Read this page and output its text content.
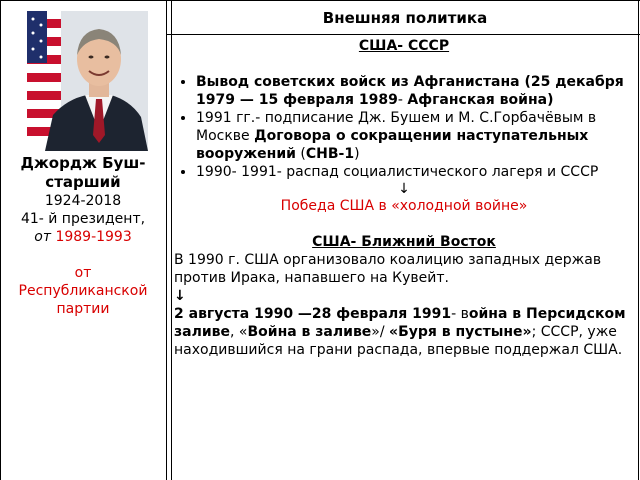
Джордж Буш-старший
1924-2018
41- й президент,
от 1989-1993
от
Республиканской
партии
Внешняя политика
США- СССР
• Вывод советских войск из Афганистана (25 декабря 1979 — 15 февраля 1989- Афганская война)
• 1991 гг.- подписание Дж. Бушем и М. С.Горбачёвым в Москве Договора о сокращении наступательных вооружений (СНВ-1)
• 1990- 1991- распад социалистического лагеря и СССР
↓
Победа США в «холодной войне»
США- Ближний Восток

В 1990 г. США организовало коалицию западных держав против Ирака, напавшего на Кувейт.

↓

2 августа 1990 —28 февраля 1991- война в Персидском заливе, «Война в заливе»/ «Буря в пустыне»; СССР, уже находившийся на грани распада, впервые поддержал США.
